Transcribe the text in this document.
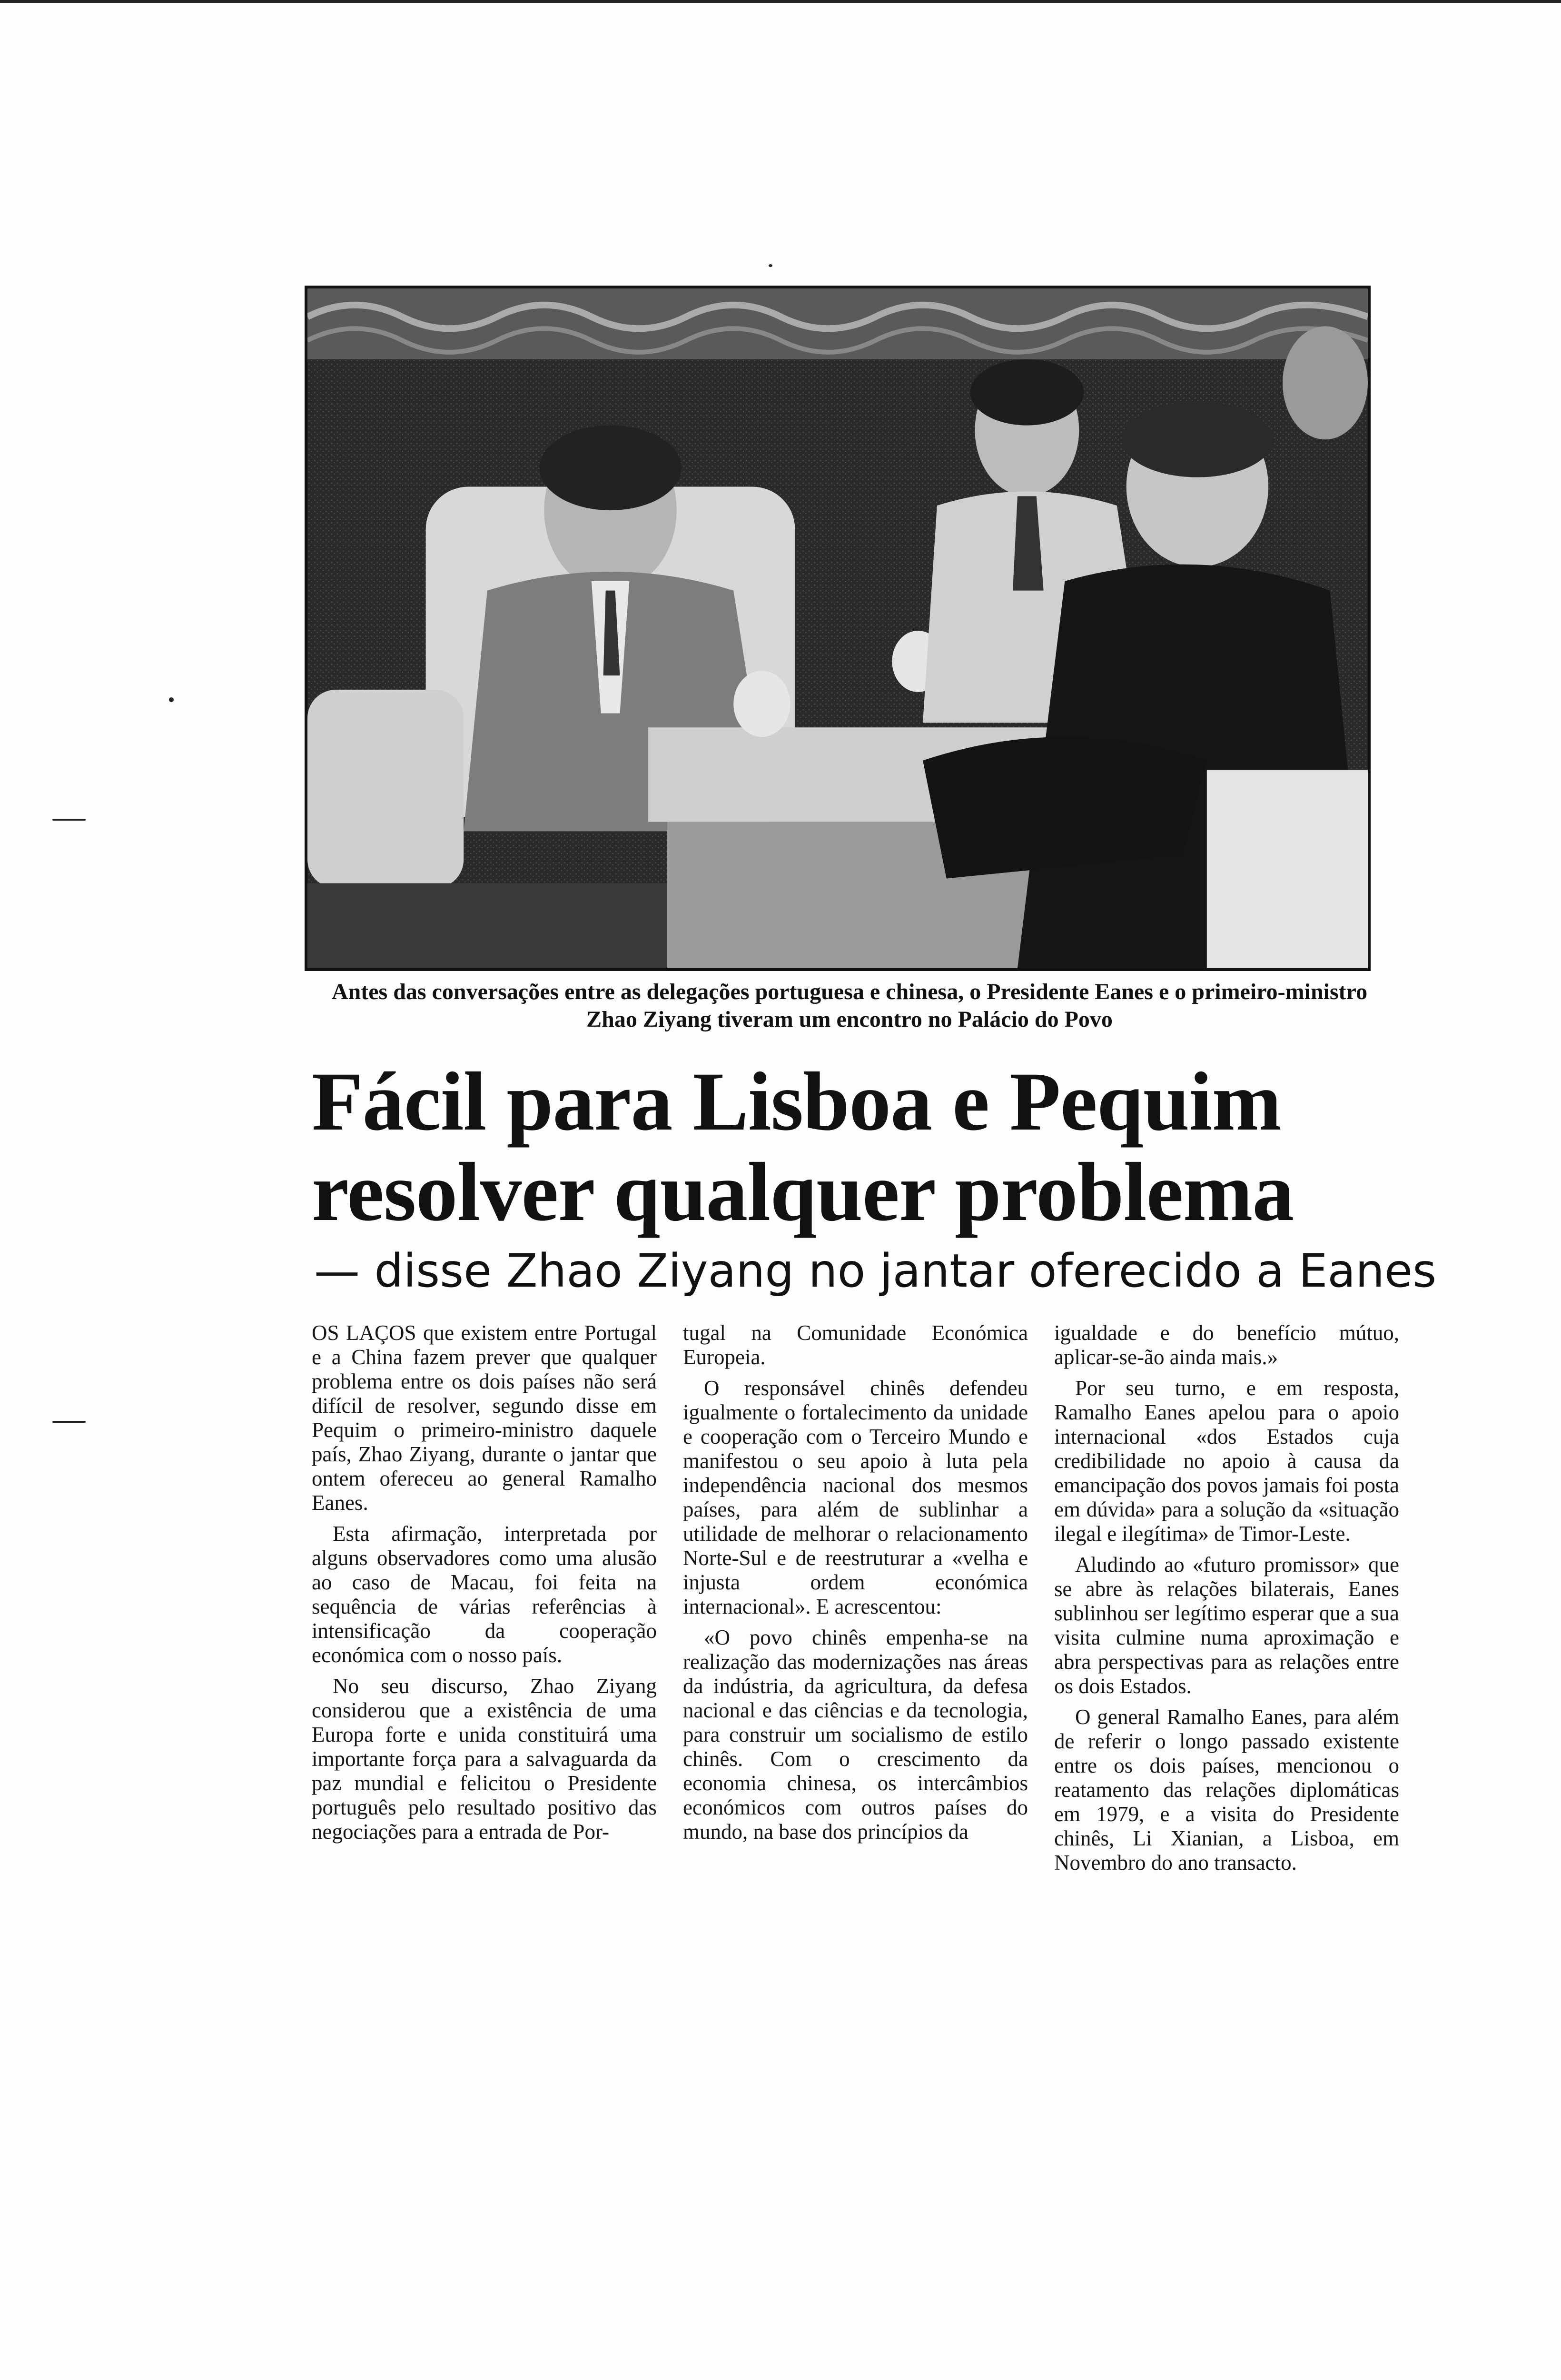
Antes das conversações entre as delegações portuguesa e chinesa, o Presidente Eanes e o primeiro-ministro Zhao Ziyang tiveram um encontro no Palácio do Povo
Fácil para Lisboa e Pequim
resolver qualquer problema
— disse Zhao Ziyang no jantar oferecido a Eanes

OS LAÇOS que existem entre Portugal e a China fazem prever que qualquer problema entre os dois países não será difícil de resolver, segundo disse em Pequim o primeiro-ministro daquele país, Zhao Ziyang, durante o jantar que ontem ofereceu ao general Ramalho Eanes.

Esta afirmação, interpretada por alguns observadores como uma alusão ao caso de Macau, foi feita na sequência de várias referências à intensificação da cooperação económica com o nosso país.

No seu discurso, Zhao Ziyang considerou que a existência de uma Europa forte e unida constituirá uma importante força para a salvaguarda da paz mundial e felicitou o Presidente português pelo resultado positivo das negociações para a entrada de Por-

tugal na Comunidade Económica Europeia.

O responsável chinês defendeu igualmente o fortalecimento da unidade e cooperação com o Terceiro Mundo e manifestou o seu apoio à luta pela independência nacional dos mesmos países, para além de sublinhar a utilidade de melhorar o relacionamento Norte-Sul e de reestruturar a «velha e injusta ordem económica internacional». E acrescentou:

«O povo chinês empenha-se na realização das modernizações nas áreas da indústria, da agricultura, da defesa nacional e das ciências e da tecnologia, para construir um socialismo de estilo chinês. Com o crescimento da economia chinesa, os intercâmbios económicos com outros países do mundo, na base dos princípios da

igualdade e do benefício mútuo, aplicar-se-ão ainda mais.»

Por seu turno, e em resposta, Ramalho Eanes apelou para o apoio internacional «dos Estados cuja credibilidade no apoio à causa da emancipação dos povos jamais foi posta em dúvida» para a solução da «situação ilegal e ilegítima» de Timor-Leste.

Aludindo ao «futuro promissor» que se abre às relações bilaterais, Eanes sublinhou ser legítimo esperar que a sua visita culmine numa aproximação e abra perspectivas para as relações entre os dois Estados.

O general Ramalho Eanes, para além de referir o longo passado existente entre os dois países, mencionou o reatamento das relações diplomáticas em 1979, e a visita do Presidente chinês, Li Xianian, a Lisboa, em Novembro do ano transacto.
